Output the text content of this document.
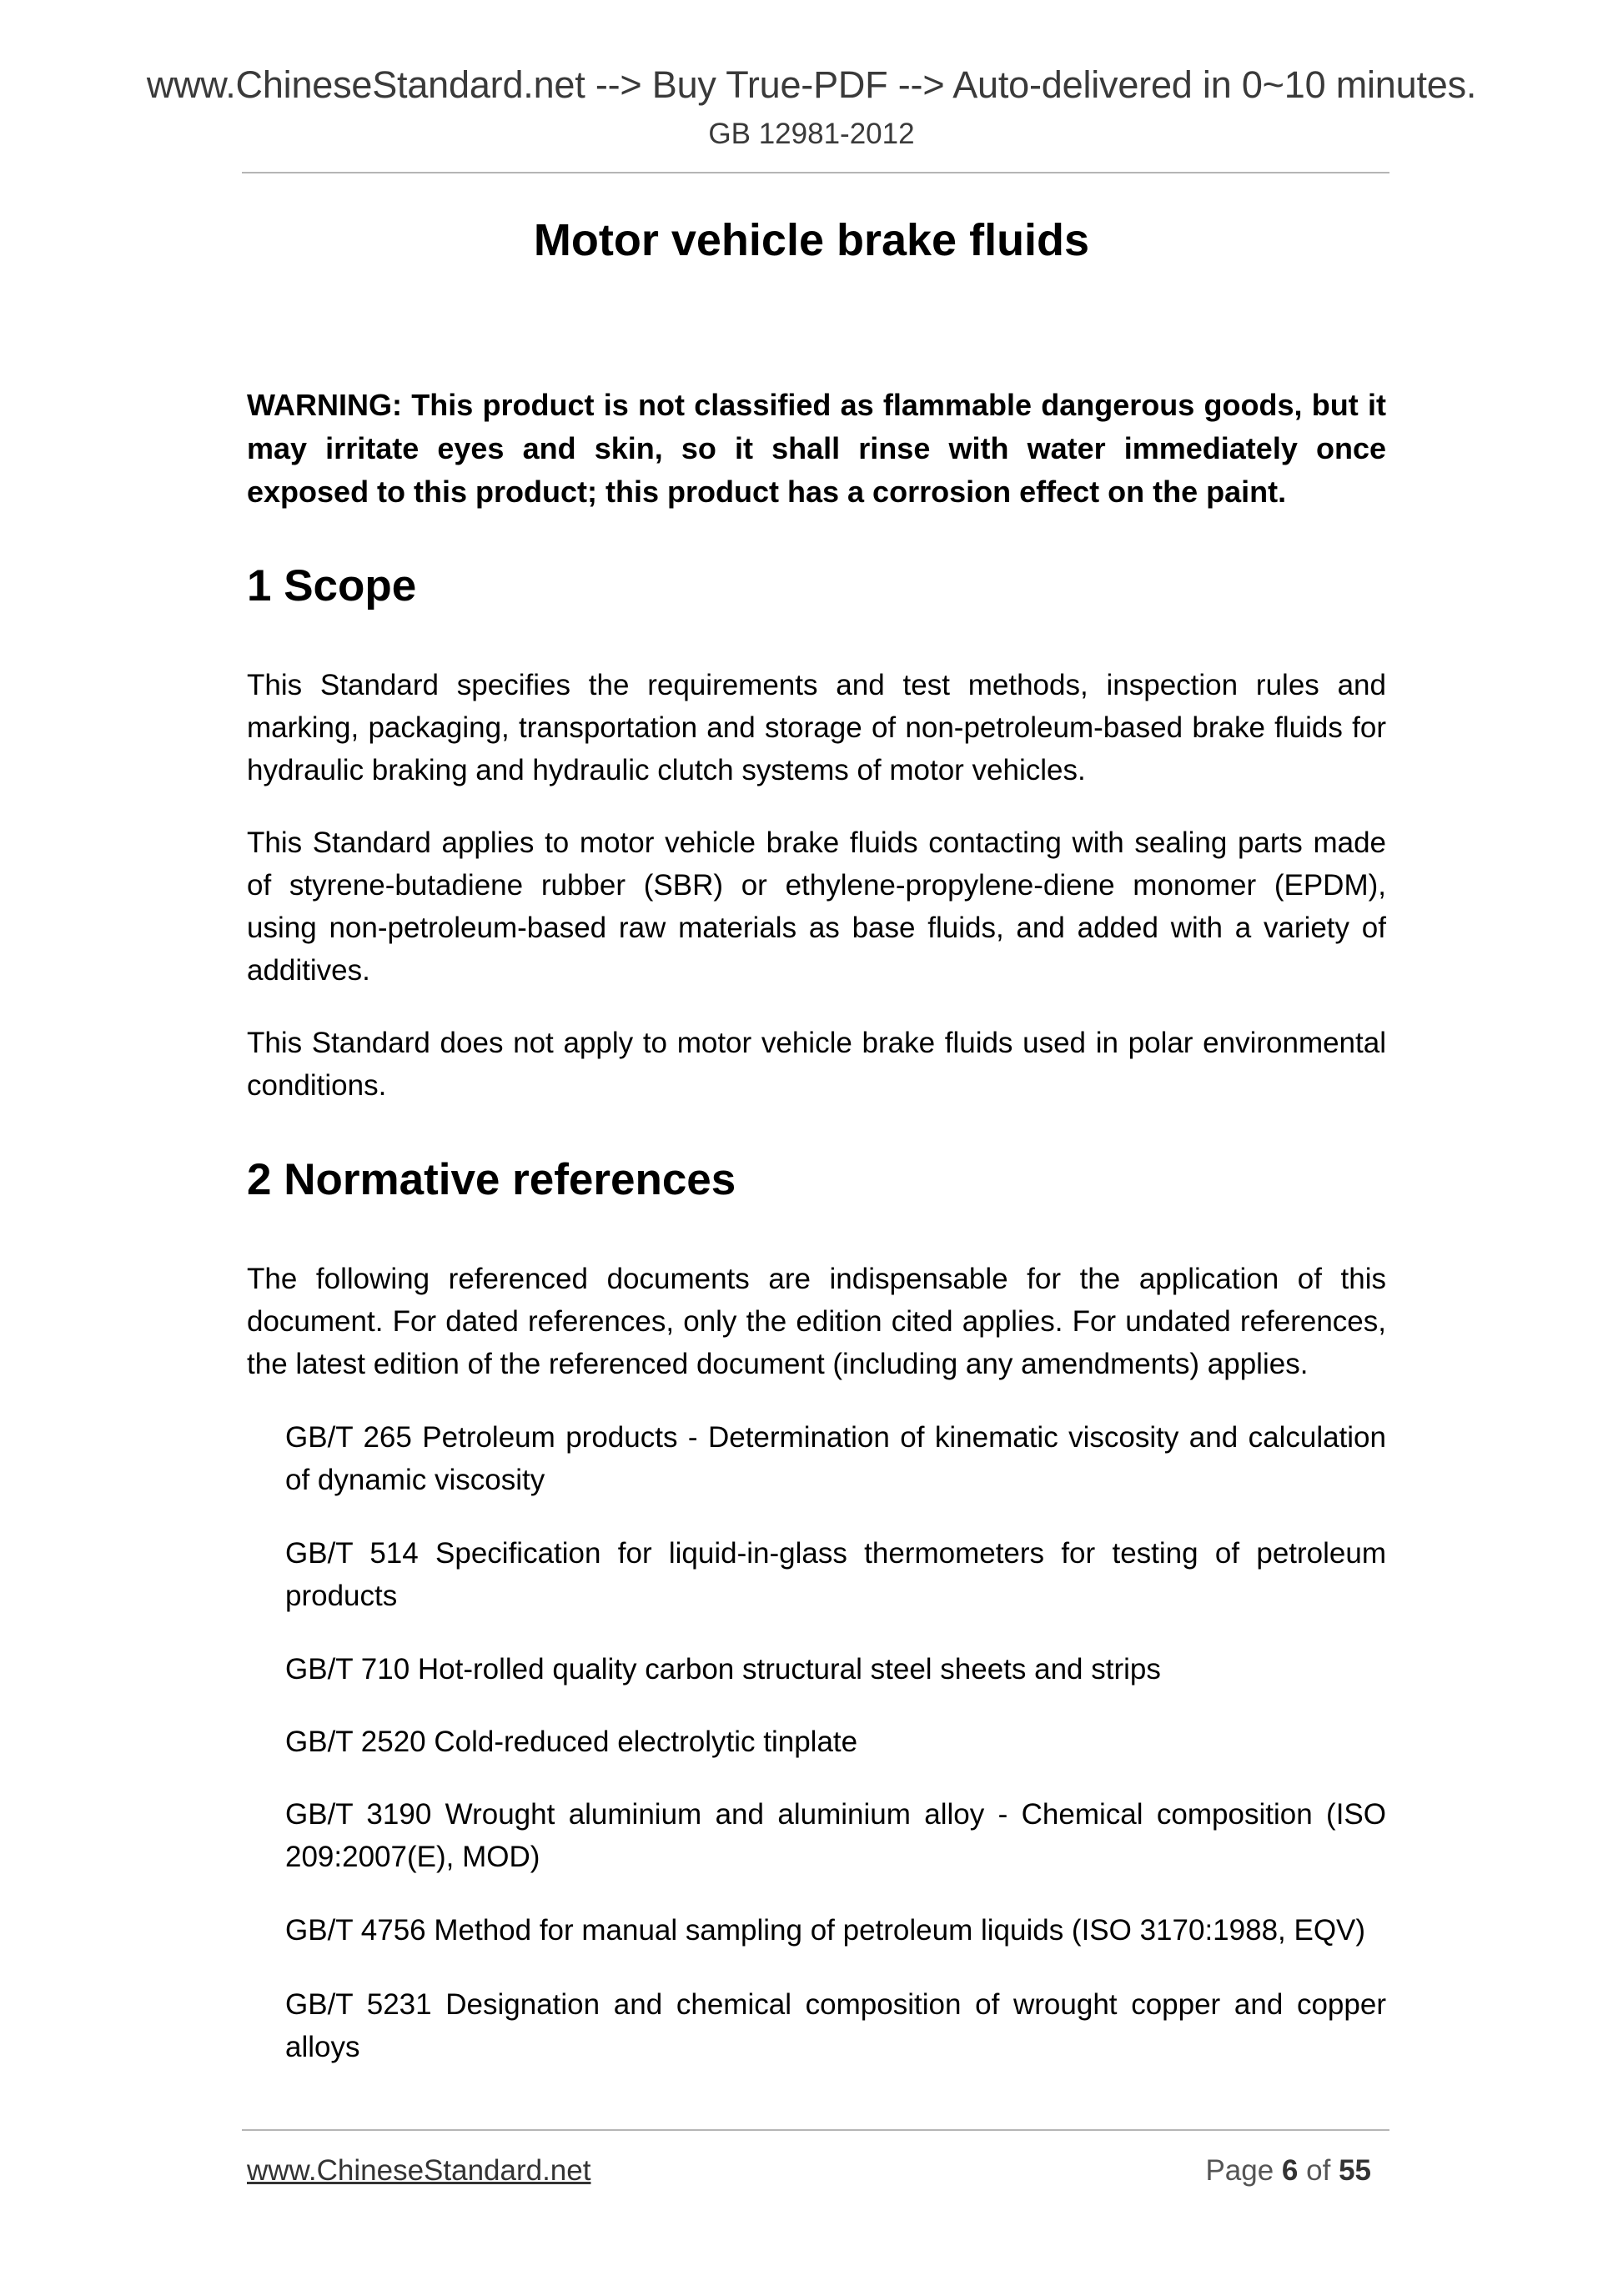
www.ChineseStandard.net --> Buy True-PDF --> Auto-delivered in 0~10 minutes.
GB 12981-2012
Motor vehicle brake fluids
WARNING: This product is not classified as flammable dangerous goods, but it may irritate eyes and skin, so it shall rinse with water immediately once exposed to this product; this product has a corrosion effect on the paint.
1 Scope
This Standard specifies the requirements and test methods, inspection rules and marking, packaging, transportation and storage of non-petroleum-based brake fluids for hydraulic braking and hydraulic clutch systems of motor vehicles.
This Standard applies to motor vehicle brake fluids contacting with sealing parts made of styrene-butadiene rubber (SBR) or ethylene-propylene-diene monomer (EPDM), using non-petroleum-based raw materials as base fluids, and added with a variety of additives.
This Standard does not apply to motor vehicle brake fluids used in polar environmental conditions.
2 Normative references
The following referenced documents are indispensable for the application of this document. For dated references, only the edition cited applies. For undated references, the latest edition of the referenced document (including any amendments) applies.
GB/T 265 Petroleum products - Determination of kinematic viscosity and calculation of dynamic viscosity
GB/T 514 Specification for liquid-in-glass thermometers for testing of petroleum products
GB/T 710 Hot-rolled quality carbon structural steel sheets and strips
GB/T 2520 Cold-reduced electrolytic tinplate
GB/T 3190 Wrought aluminium and aluminium alloy - Chemical composition (ISO 209:2007(E), MOD)
GB/T 4756 Method for manual sampling of petroleum liquids (ISO 3170:1988, EQV)
GB/T 5231 Designation and chemical composition of wrought copper and copper alloys
www.ChineseStandard.net	Page 6 of 55
